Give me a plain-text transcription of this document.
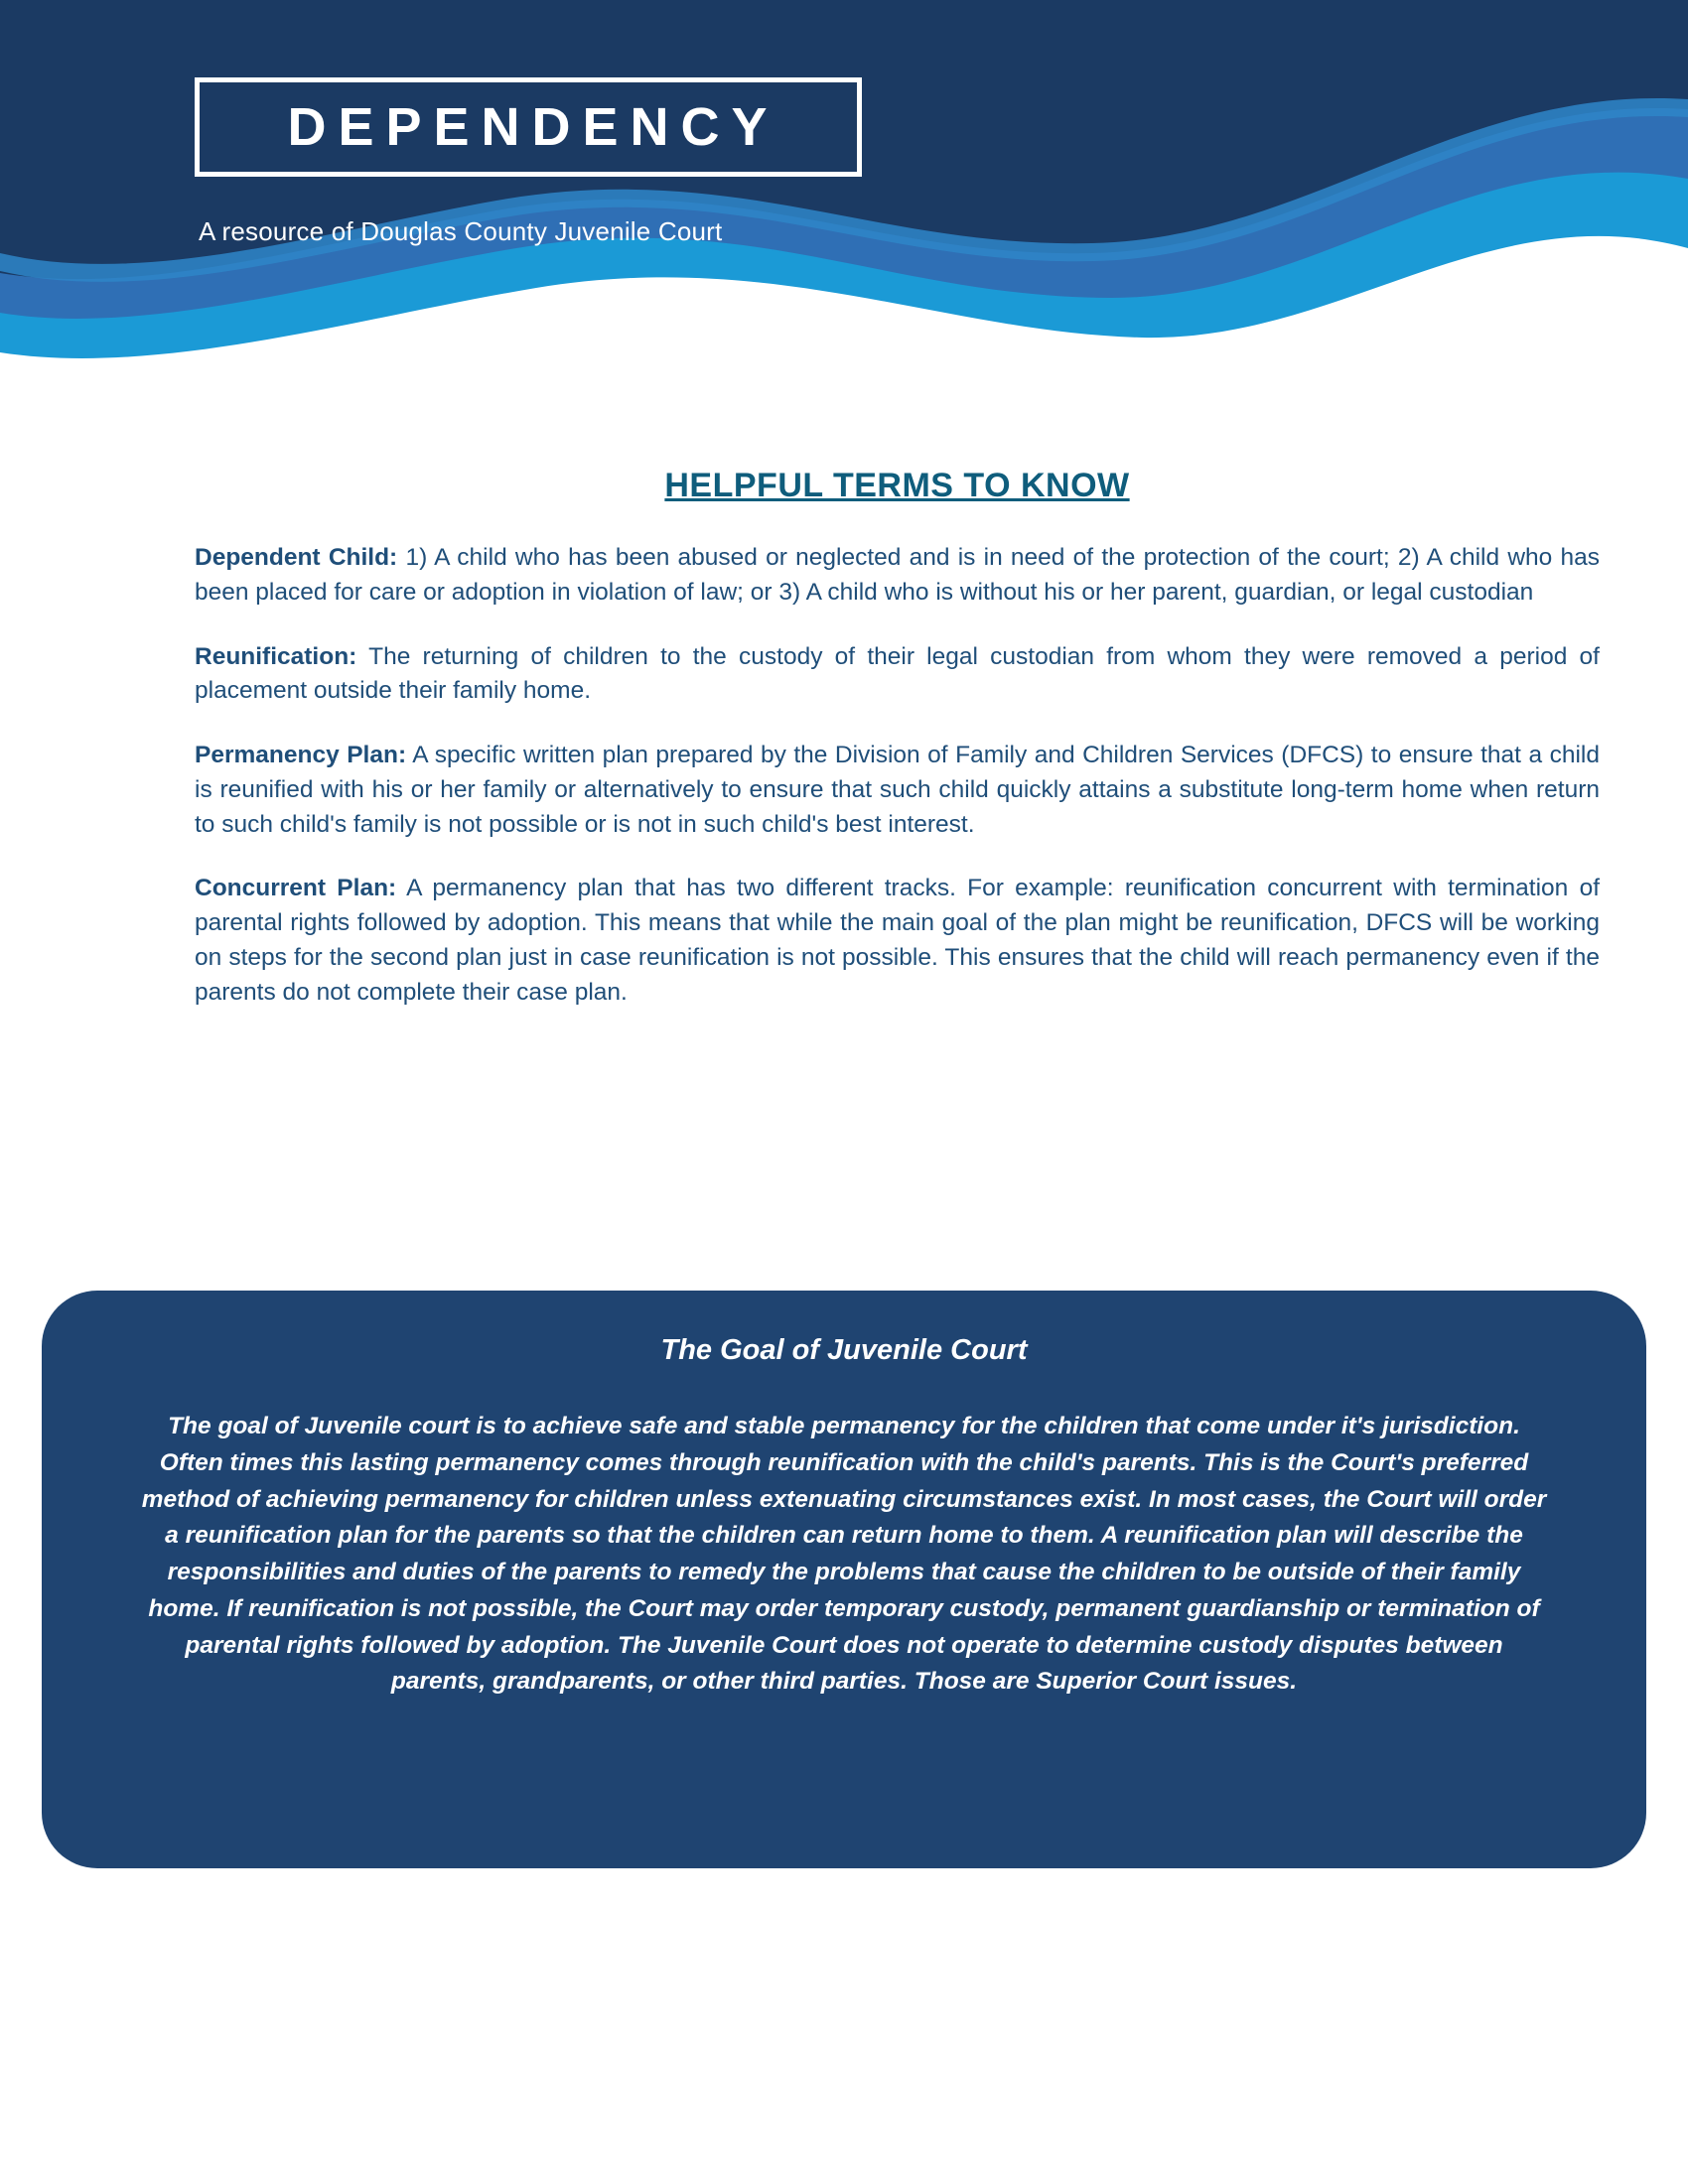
DEPENDENCY
A resource of Douglas County Juvenile Court
HELPFUL TERMS TO KNOW

Dependent Child: 1) A child who has been abused or neglected and is in need of the protection of the court; 2) A child who has been placed for care or adoption in violation of law; or 3) A child who is without his or her parent, guardian, or legal custodian

Reunification: The returning of children to the custody of their legal custodian from whom they were removed a period of placement outside their family home.

Permanency Plan: A specific written plan prepared by the Division of Family and Children Services (DFCS) to ensure that a child is reunified with his or her family or alternatively to ensure that such child quickly attains a substitute long-term home when return to such child's family is not possible or is not in such child's best interest.

Concurrent Plan: A permanency plan that has two different tracks. For example: reunification concurrent with termination of parental rights followed by adoption. This means that while the main goal of the plan might be reunification, DFCS will be working on steps for the second plan just in case reunification is not possible. This ensures that the child will reach permanency even if the parents do not complete their case plan.

The Goal of Juvenile Court

The goal of Juvenile court is to achieve safe and stable permanency for the children that come under it's jurisdiction. Often times this lasting permanency comes through reunification with the child's parents. This is the Court's preferred method of achieving permanency for children unless extenuating circumstances exist. In most cases, the Court will order a reunification plan for the parents so that the children can return home to them. A reunification plan will describe the responsibilities and duties of the parents to remedy the problems that cause the children to be outside of their family home. If reunification is not possible, the Court may order temporary custody, permanent guardianship or termination of parental rights followed by adoption. The Juvenile Court does not operate to determine custody disputes between parents, grandparents, or other third parties. Those are Superior Court issues.
